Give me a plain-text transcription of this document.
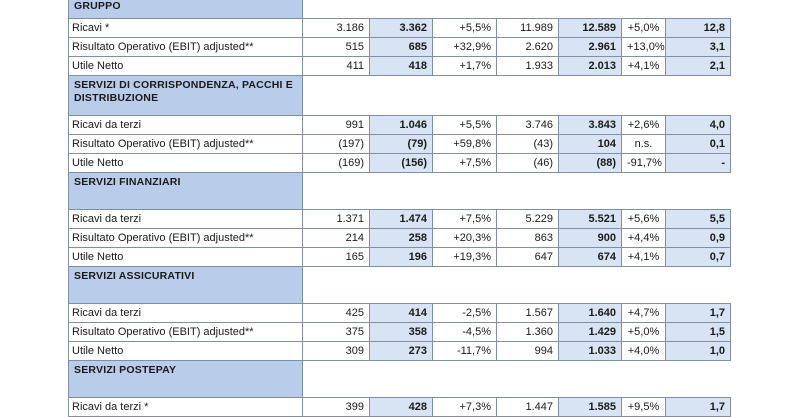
GRUPPO							
Ricavi *	3.186	3.362	+5,5%	11.989	12.589	+5,0%	12,8
Risultato Operativo (EBIT) adjusted**	515	685	+32,9%	2.620	2.961	+13,0%	3,1
Utile Netto	411	418	+1,7%	1.933	2.013	+4,1%	2,1
SERVIZI DI CORRISPONDENZA, PACCHI E DISTRIBUZIONE							
Ricavi da terzi	991	1.046	+5,5%	3.746	3.843	+2,6%	4,0
Risultato Operativo (EBIT) adjusted**	(197)	(79)	+59,8%	(43)	104	n.s.	0,1
Utile Netto	(169)	(156)	+7,5%	(46)	(88)	-91,7%	-
SERVIZI FINANZIARI							
Ricavi da terzi	1.371	1.474	+7,5%	5.229	5.521	+5,6%	5,5
Risultato Operativo (EBIT) adjusted**	214	258	+20,3%	863	900	+4,4%	0,9
Utile Netto	165	196	+19,3%	647	674	+4,1%	0,7
SERVIZI ASSICURATIVI							
Ricavi da terzi	425	414	-2,5%	1.567	1.640	+4,7%	1,7
Risultato Operativo (EBIT) adjusted**	375	358	-4,5%	1.360	1.429	+5,0%	1,5
Utile Netto	309	273	-11,7%	994	1.033	+4,0%	1,0
SERVIZI POSTEPAY							
Ricavi da terzi *	399	428	+7,3%	1.447	1.585	+9,5%	1,7
